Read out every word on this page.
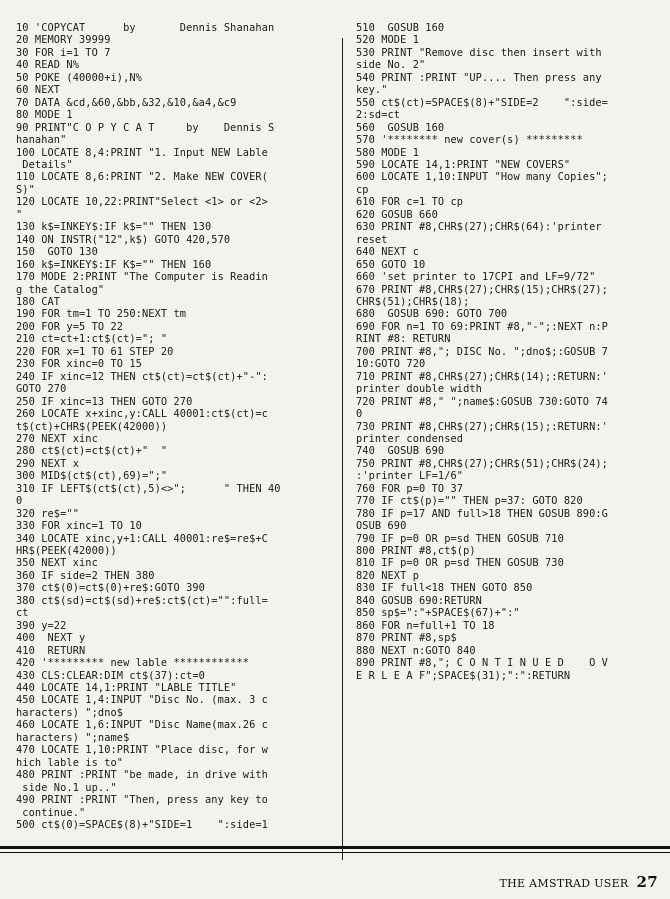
10 'COPYCAT      by       Dennis Shanahan
20 MEMORY 39999
30 FOR i=1 TO 7
40 READ N%
50 POKE (40000+i),N%
60 NEXT
70 DATA &cd,&60,&bb,&32,&10,&a4,&c9
80 MODE 1
90 PRINT"C O P Y C A T     by    Dennis S
hanahan"
100 LOCATE 8,4:PRINT "1. Input NEW Lable
Details"
110 LOCATE 8,6:PRINT "2. Make NEW COVER(
S)"
120 LOCATE 10,22:PRINT"Select <1> or <2>
"
130 k$=INKEY$:IF k$="" THEN 130
140 ON INSTR("12",k$) GOTO 420,570
150  GOTO 130
160 k$=INKEY$:IF K$="" THEN 160
170 MODE 2:PRINT "The Computer is Readin
g the Catalog"
180 CAT
190 FOR tm=1 TO 250:NEXT tm
200 FOR y=5 TO 22
210 ct=ct+1:ct$(ct)="; "
220 FOR x=1 TO 61 STEP 20
230 FOR xinc=0 TO 15
240 IF xinc=12 THEN ct$(ct)=ct$(ct)+"-":
GOTO 270
250 IF xinc=13 THEN GOTO 270
260 LOCATE x+xinc,y:CALL 40001:ct$(ct)=c
t$(ct)+CHR$(PEEK(42000))
270 NEXT xinc
280 ct$(ct)=ct$(ct)+"  "
290 NEXT x
300 MID$(ct$(ct),69)=";"
310 IF LEFT$(ct$(ct),5)<>";      " THEN 40
0
320 re$=""
330 FOR xinc=1 TO 10
340 LOCATE xinc,y+1:CALL 40001:re$=re$+C
HR$(PEEK(42000))
350 NEXT xinc
360 IF side=2 THEN 380
370 ct$(0)=ct$(0)+re$:GOTO 390
380 ct$(sd)=ct$(sd)+re$:ct$(ct)="":full=
ct
390 y=22
400  NEXT y
410  RETURN
420 '********* new lable ************
430 CLS:CLEAR:DIM ct$(37):ct=0
440 LOCATE 14,1:PRINT "LABLE TITLE"
450 LOCATE 1,4:INPUT "Disc No. (max. 3 c
haracters) ";dno$
460 LOCATE 1,6:INPUT "Disc Name(max.26 c
haracters) ";name$
470 LOCATE 1,10:PRINT "Place disc, for w
hich lable is to"
480 PRINT :PRINT "be made, in drive with
side No.1 up.."
490 PRINT :PRINT "Then, press any key to
continue."
500 ct$(0)=SPACE$(8)+"SIDE=1    ":side=1
510  GOSUB 160
520 MODE 1
530 PRINT "Remove disc then insert with
side No. 2"
540 PRINT :PRINT "UP.... Then press any
key."
550 ct$(ct)=SPACE$(8)+"SIDE=2    ":side=
2:sd=ct
560  GOSUB 160
570 '******** new cover(s) *********
580 MODE 1
590 LOCATE 14,1:PRINT "NEW COVERS"
600 LOCATE 1,10:INPUT "How many Copies";
cp
610 FOR c=1 TO cp
620 GOSUB 660
630 PRINT #8,CHR$(27);CHR$(64):'printer
reset
640 NEXT c
650 GOTO 10
660 'set printer to 17CPI and LF=9/72"
670 PRINT #8,CHR$(27);CHR$(15);CHR$(27);
CHR$(51);CHR$(18);
680  GOSUB 690: GOTO 700
690 FOR n=1 TO 69:PRINT #8,"-";:NEXT n:P
RINT #8: RETURN
700 PRINT #8,"; DISC No. ";dno$;:GOSUB 7
10:GOTO 720
710 PRINT #8,CHR$(27);CHR$(14);:RETURN:'
printer double width
720 PRINT #8," ";name$:GOSUB 730:GOTO 74
0
730 PRINT #8,CHR$(27);CHR$(15);:RETURN:'
printer condensed
740  GOSUB 690
750 PRINT #8,CHR$(27);CHR$(51);CHR$(24);
:'printer LF=1/6"
760 FOR p=0 TO 37
770 IF ct$(p)="" THEN p=37: GOTO 820
780 IF p=17 AND full>18 THEN GOSUB 890:G
OSUB 690
790 IF p=0 OR p=sd THEN GOSUB 710
800 PRINT #8,ct$(p)
810 IF p=0 OR p=sd THEN GOSUB 730
820 NEXT p
830 IF full<18 THEN GOTO 850
840 GOSUB 690:RETURN
850 sp$=":"+SPACE$(67)+":"
860 FOR n=full+1 TO 18
870 PRINT #8,sp$
880 NEXT n:GOTO 840
890 PRINT #8,"; C O N T I N U E D    O V
E R L E A F";SPACE$(31);":":RETURN
THE AMSTRAD USER 27
